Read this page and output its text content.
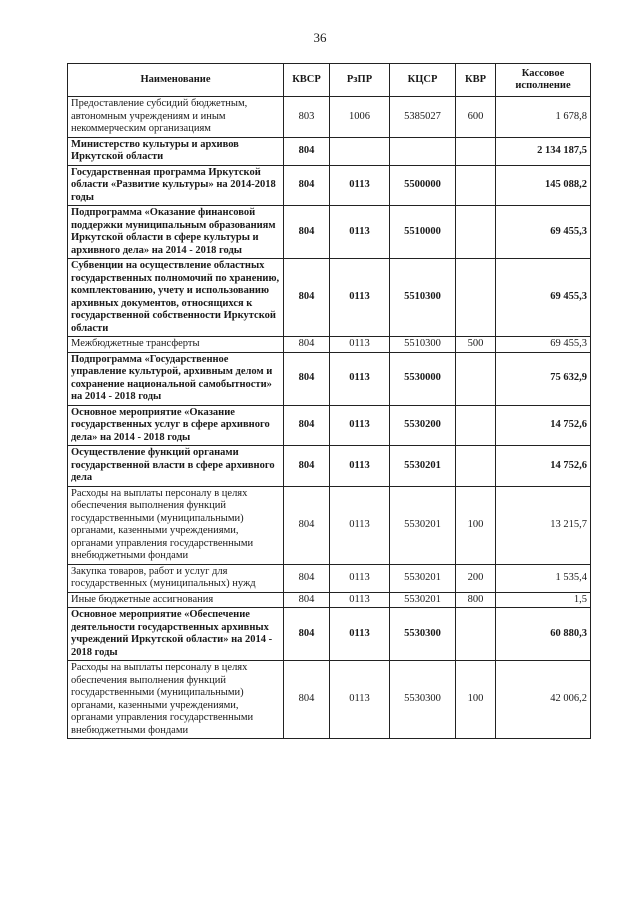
36
Наименование	КВСР	РзПР	КЦСР	КВР	Кассовое исполнение
Предоставление субсидий бюджетным, автономным учреждениям и иным некоммерческим организациям	803	1006	5385027	600	1 678,8
Министерство культуры и архивов Иркутской области	804				2 134 187,5
Государственная программа Иркутской области «Развитие культуры» на 2014-2018 годы	804	0113	5500000		145 088,2
Подпрограмма «Оказание финансовой поддержки муниципальным образованиям Иркутской области в сфере культуры и архивного дела» на 2014 - 2018 годы	804	0113	5510000		69 455,3
Субвенции на осуществление областных государственных полномочий по хранению, комплектованию, учету и использованию архивных документов, относящихся к государственной собственности Иркутской области	804	0113	5510300		69 455,3
Межбюджетные трансферты	804	0113	5510300	500	69 455,3
Подпрограмма «Государственное управление культурой, архивным делом и сохранение национальной самобытности» на 2014 - 2018 годы	804	0113	5530000		75 632,9
Основное мероприятие «Оказание государственных услуг в сфере архивного дела» на 2014 - 2018 годы	804	0113	5530200		14 752,6
Осуществление функций органами государственной власти в сфере архивного дела	804	0113	5530201		14 752,6
Расходы на выплаты персоналу в целях обеспечения выполнения функций государственными (муниципальными) органами, казенными учреждениями, органами управления государственными внебюджетными фондами	804	0113	5530201	100	13 215,7
Закупка товаров, работ и услуг для государственных (муниципальных) нужд	804	0113	5530201	200	1 535,4
Иные бюджетные ассигнования	804	0113	5530201	800	1,5
Основное мероприятие «Обеспечение деятельности государственных архивных учреждений Иркутской области» на 2014 - 2018 годы	804	0113	5530300		60 880,3
Расходы на выплаты персоналу в целях обеспечения выполнения функций государственными (муниципальными) органами, казенными учреждениями, органами управления государственными внебюджетными фондами	804	0113	5530300	100	42 006,2
